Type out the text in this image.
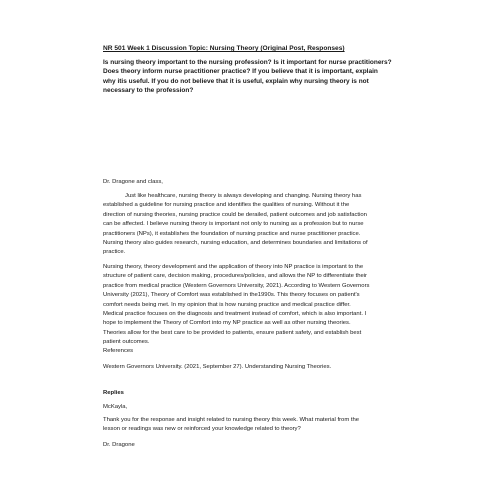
NR 501 Week 1 Discussion Topic: Nursing Theory (Original Post, Responses)
Is nursing theory important to the nursing profession? Is it important for nurse practitioners?
Does theory inform nurse practitioner practice? If you believe that it is important, explain
why itis useful. If you do not believe that it is useful, explain why nursing theory is not
necessary to the profession?
Dr. Dragone and class,
Just like healthcare, nursing theory is always developing and changing. Nursing theory has
established a guideline for nursing practice and identifies the qualities of nursing. Without it the
direction of nursing theories, nursing practice could be derailed, patient outcomes and job satisfaction
can be affected. I believe nursing theory is important not only to nursing as a profession but to nurse
practitioners (NPs), it establishes the foundation of nursing practice and nurse practitioner practice.
Nursing theory also guides research, nursing education, and determines boundaries and limitations of
practice.
Nursing theory, theory development and the application of theory into NP practice is important to the
structure of patient care, decision making, procedures/policies, and allows the NP to differentiate their
practice from medical practice (Western Governors University, 2021). According to Western Governors
University (2021), Theory of Comfort was established in the1990s. This theory focuses on patient's
comfort needs being met. In my opinion that is how nursing practice and medical practice differ.
Medical practice focuses on the diagnosis and treatment instead of comfort, which is also important. I
hope to implement the Theory of Comfort into my NP practice as well as other nursing theories.
Theories allow for the best care to be provided to patients, ensure patient safety, and establish best
patient outcomes.
References
Western Governors University. (2021, September 27). Understanding Nursing Theories.
Replies
McKayla,
Thank you for the response and insight related to nursing theory this week. What material from the
lesson or readings was new or reinforced your knowledge related to theory?
Dr. Dragone
